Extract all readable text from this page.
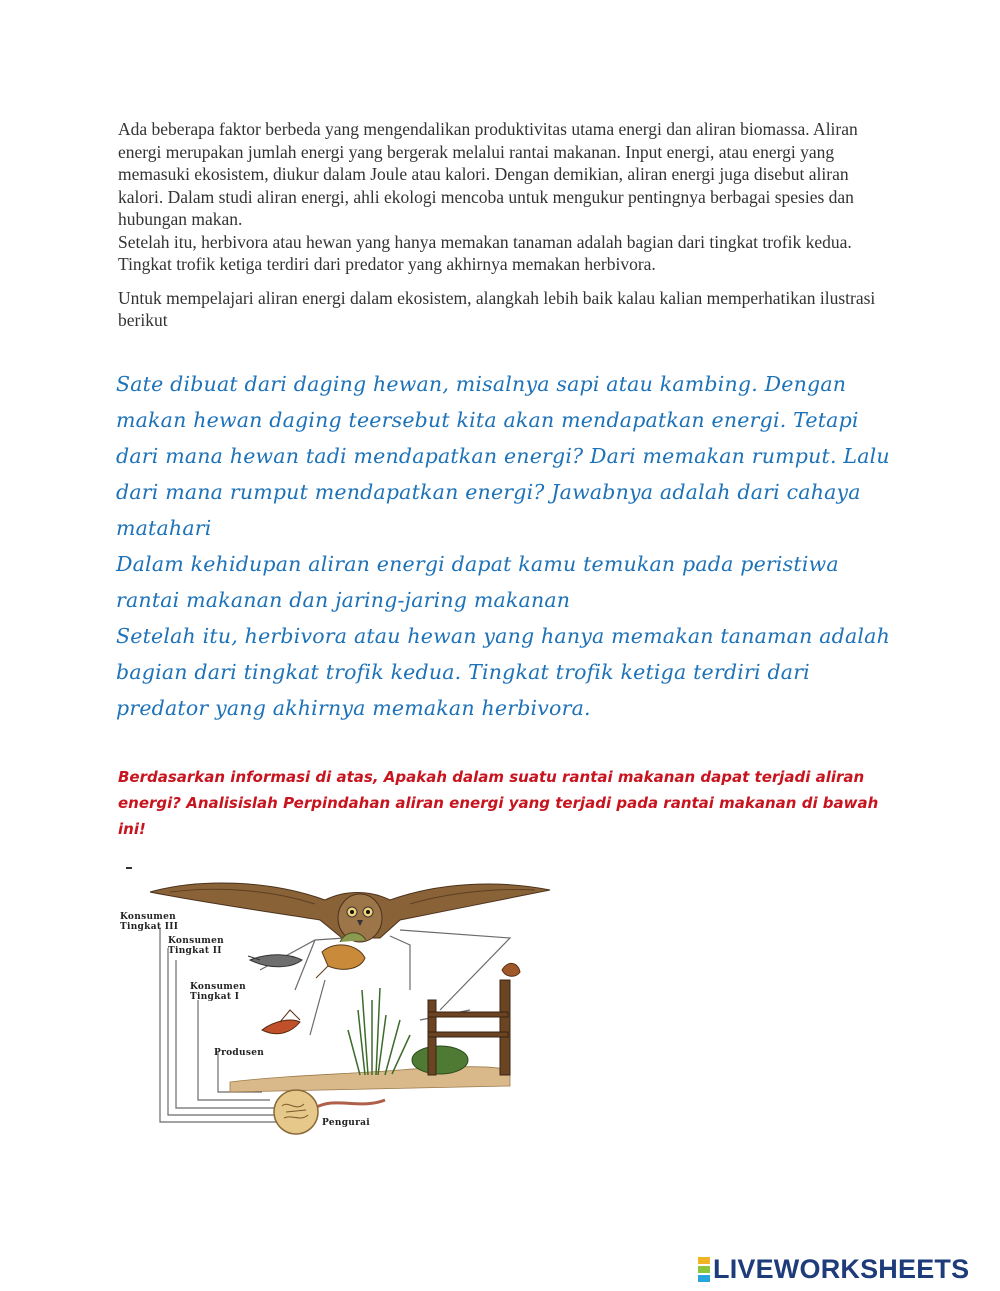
Ada beberapa faktor berbeda yang mengendalikan produktivitas utama energi dan aliran biomassa. Aliran energi merupakan jumlah energi yang bergerak melalui rantai makanan. Input energi, atau energi yang memasuki ekosistem, diukur dalam Joule atau kalori. Dengan demikian, aliran energi juga disebut aliran kalori. Dalam studi aliran energi, ahli ekologi mencoba untuk mengukur pentingnya berbagai spesies dan hubungan makan.

Setelah itu, herbivora atau hewan yang hanya memakan tanaman adalah bagian dari tingkat trofik kedua. Tingkat trofik ketiga terdiri dari predator yang akhirnya memakan herbivora.

Untuk mempelajari aliran energi dalam ekosistem, alangkah lebih baik kalau kalian memperhatikan ilustrasi berikut

Sate dibuat dari daging hewan, misalnya sapi atau kambing. Dengan makan hewan daging teersebut kita akan mendapatkan energi. Tetapi dari mana hewan tadi mendapatkan energi? Dari memakan rumput. Lalu dari mana rumput mendapatkan energi? Jawabnya adalah dari cahaya matahari

Dalam kehidupan aliran energi dapat kamu temukan pada peristiwa rantai makanan dan jaring-jaring makanan

Setelah itu, herbivora atau hewan yang hanya memakan tanaman adalah bagian dari tingkat trofik kedua. Tingkat trofik ketiga terdiri dari predator yang akhirnya memakan herbivora.

Berdasarkan informasi di atas, Apakah dalam suatu rantai makanan dapat terjadi aliran energi? Analisislah Perpindahan aliran energi yang terjadi pada rantai makanan di bawah ini!
Konsumen Tingkat III
Konsumen Tingkat II
Konsumen Tingkat I
Produsen
Pengurai
LIVEWORKSHEETS
